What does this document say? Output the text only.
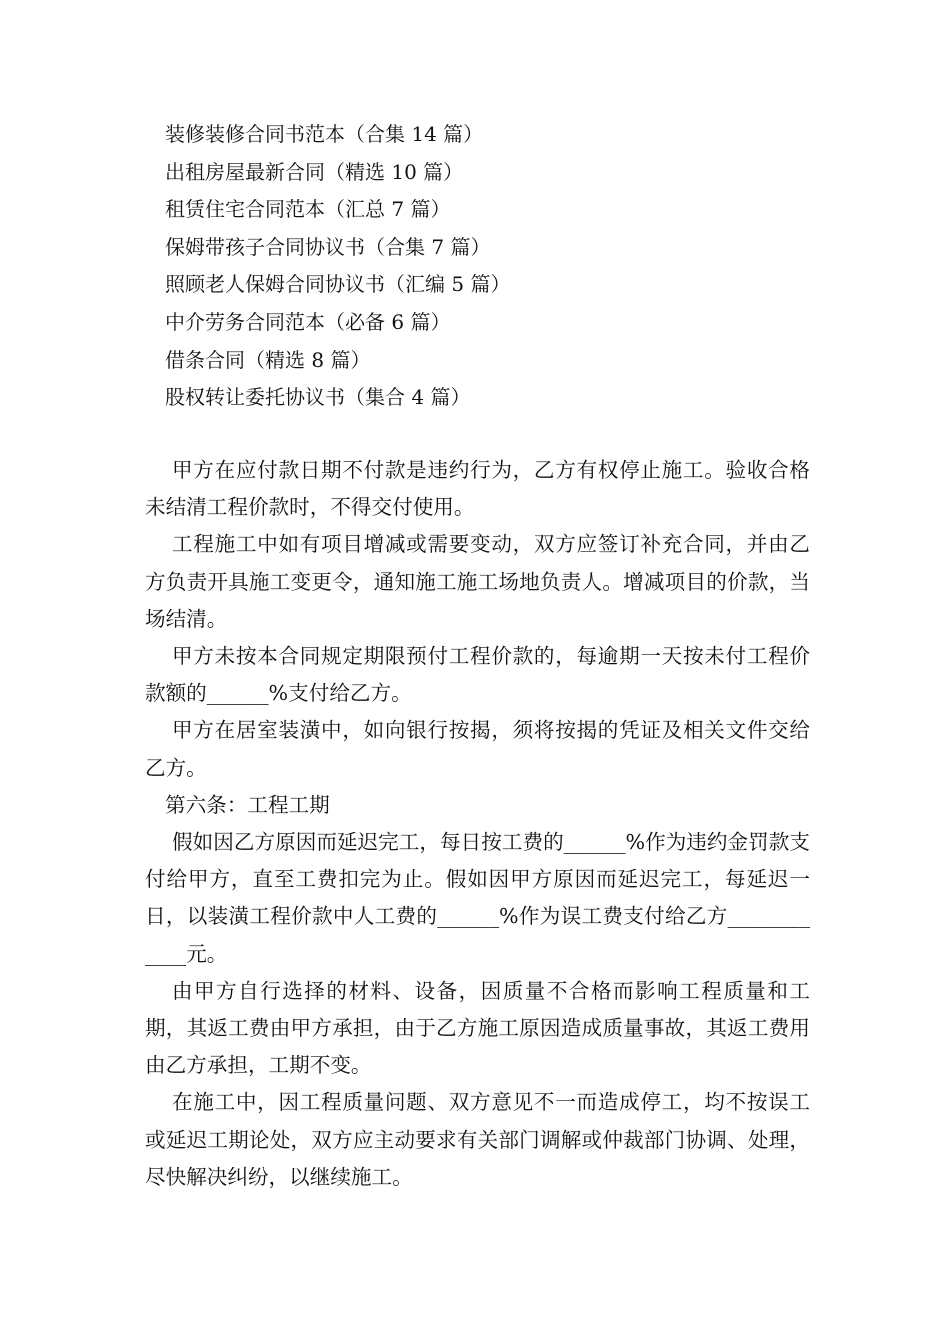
装修装修合同书范本（合集 14 篇）
出租房屋最新合同（精选 10 篇）
租赁住宅合同范本（汇总 7 篇）
保姆带孩子合同协议书（合集 7 篇）
照顾老人保姆合同协议书（汇编 5 篇）
中介劳务合同范本（必备 6 篇）
借条合同（精选 8 篇）
股权转让委托协议书（集合 4 篇）

甲方在应付款日期不付款是违约行为，乙方有权停止施工。验收合格未结清工程价款时，不得交付使用。

工程施工中如有项目增减或需要变动，双方应签订补充合同，并由乙方负责开具施工变更令，通知施工施工场地负责人。增减项目的价款，当场结清。

甲方未按本合同规定期限预付工程价款的，每逾期一天按未付工程价款额的______%支付给乙方。

甲方在居室装潢中，如向银行按揭，须将按揭的凭证及相关文件交给乙方。

第六条：工程工期

假如因乙方原因而延迟完工，每日按工费的______%作为违约金罚款支付给甲方，直至工费扣完为止。假如因甲方原因而延迟完工，每延迟一日，以装潢工程价款中人工费的______%作为误工费支付给乙方____________元。

由甲方自行选择的材料、设备，因质量不合格而影响工程质量和工期，其返工费由甲方承担，由于乙方施工原因造成质量事故，其返工费用由乙方承担，工期不变。

在施工中，因工程质量问题、双方意见不一而造成停工，均不按误工或延迟工期论处，双方应主动要求有关部门调解或仲裁部门协调、处理，尽快解决纠纷，以继续施工。
